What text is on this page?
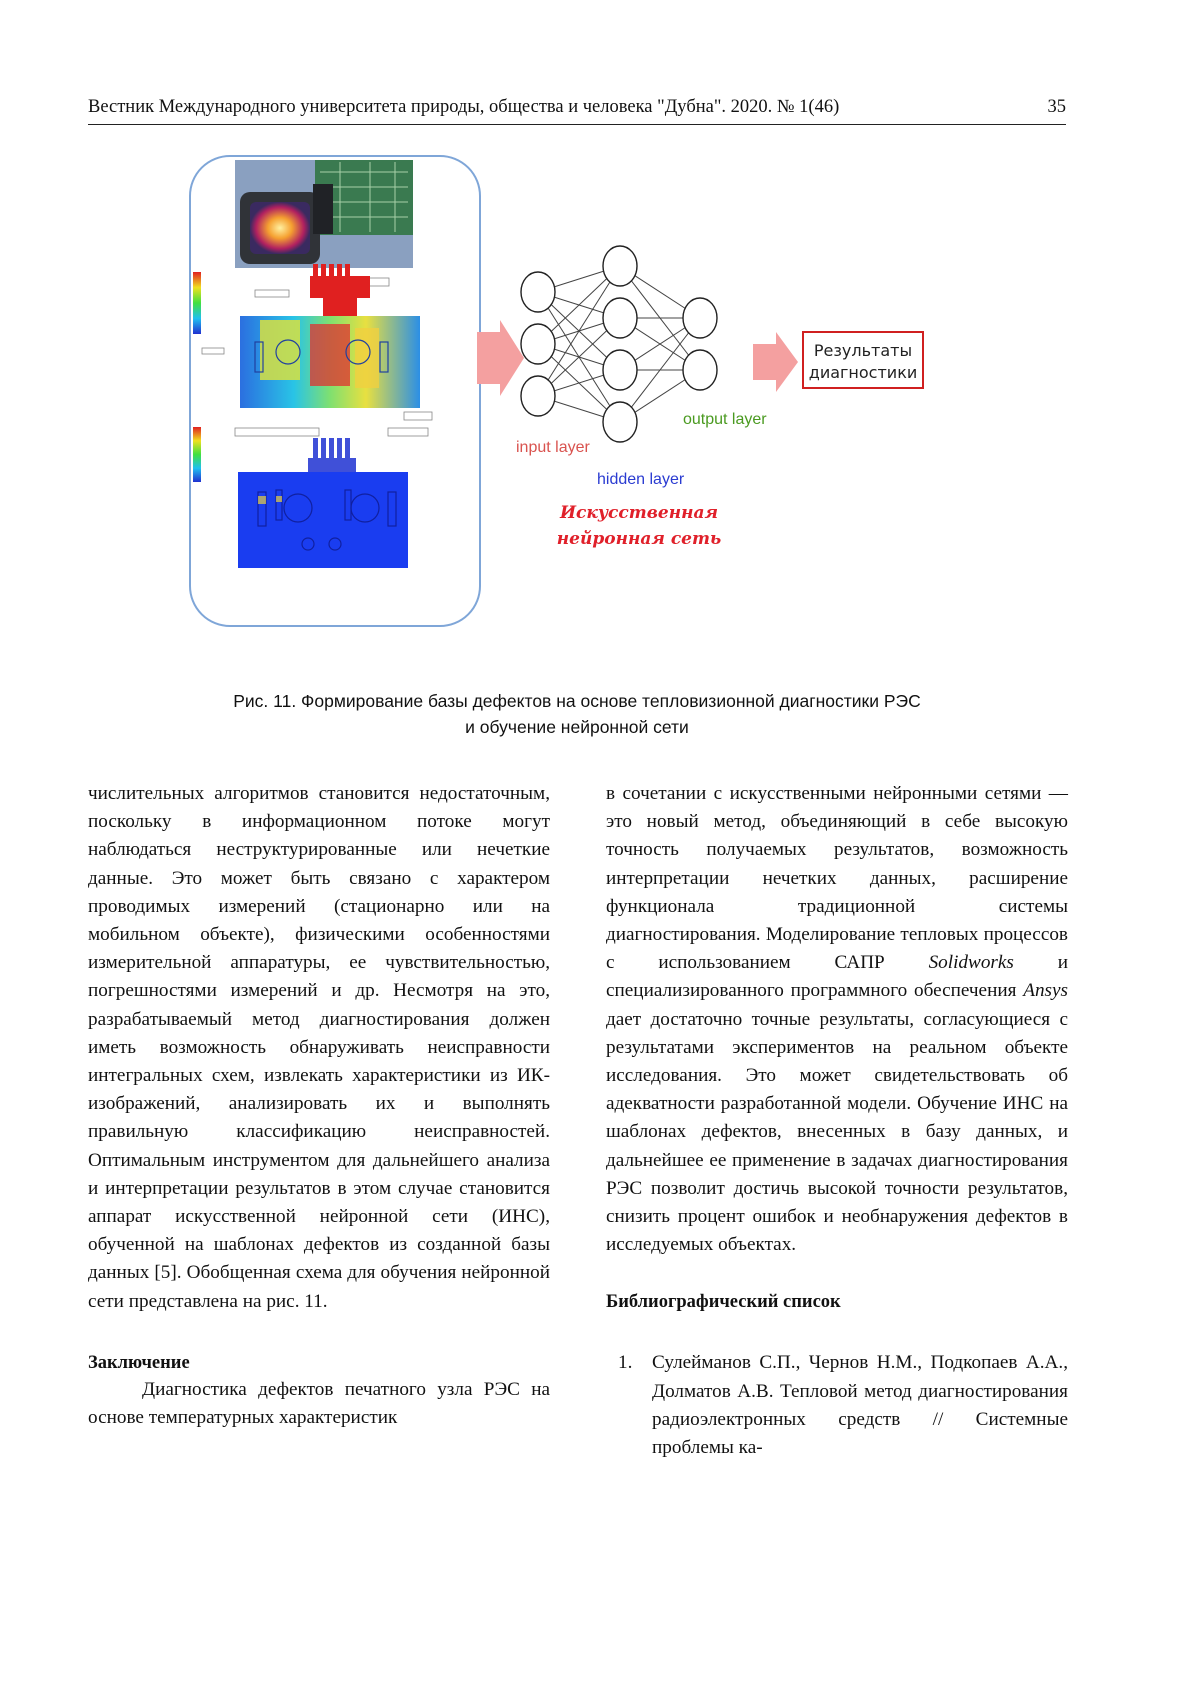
Вестник Международного университета природы, общества и человека "Дубна". 2020. № 1(46)	35
Результаты
диагностики
input layer
hidden layer
output layer
Искусственная
нейронная сеть
Рис. 11. Формирование базы дефектов на основе тепловизионной диагностики РЭС
и обучение нейронной сети

числительных алгоритмов становится недостаточным, поскольку в информационном потоке могут наблюдаться неструктурированные или нечеткие данные. Это может быть связано с характером проводимых измерений (стационарно или на мобильном объекте), физическими особенностями измерительной аппаратуры, ее чувствительностью, погрешностями измерений и др. Несмотря на это, разрабатываемый метод диагностирования должен иметь возможность обнаруживать неисправности интегральных схем, извлекать характеристики из ИК-изображений, анализировать их и выполнять правильную классификацию неисправностей. Оптимальным инструментом для дальнейшего анализа и интерпретации результатов в этом случае становится аппарат искусственной нейронной сети (ИНС), обученной на шаблонах дефектов из созданной базы данных [5]. Обобщенная схема для обучения нейронной сети представлена на рис. 11.

Заключение

Диагностика дефектов печатного узла РЭС на основе температурных характеристик

в сочетании с искусственными нейронными сетями — это новый метод, объединяющий в себе высокую точность получаемых результатов, возможность интерпретации нечетких данных, расширение функционала традиционной системы диагностирования. Моделирование тепловых процессов с использованием САПР Solidworks и специализированного программного обеспечения Ansys дает достаточно точные результаты, согласующиеся с результатами экспериментов на реальном объекте исследования. Это может свидетельствовать об адекватности разработанной модели. Обучение ИНС на шаблонах дефектов, внесенных в базу данных, и дальнейшее ее применение в задачах диагностирования РЭС позволит достичь высокой точности результатов, снизить процент ошибок и необнаружения дефектов в исследуемых объектах.

Библиографический список
1. Сулейманов С.П., Чернов Н.М., Подкопаев А.А., Долматов А.В. Тепловой метод диагностирования радиоэлектронных средств // Системные проблемы ка-
